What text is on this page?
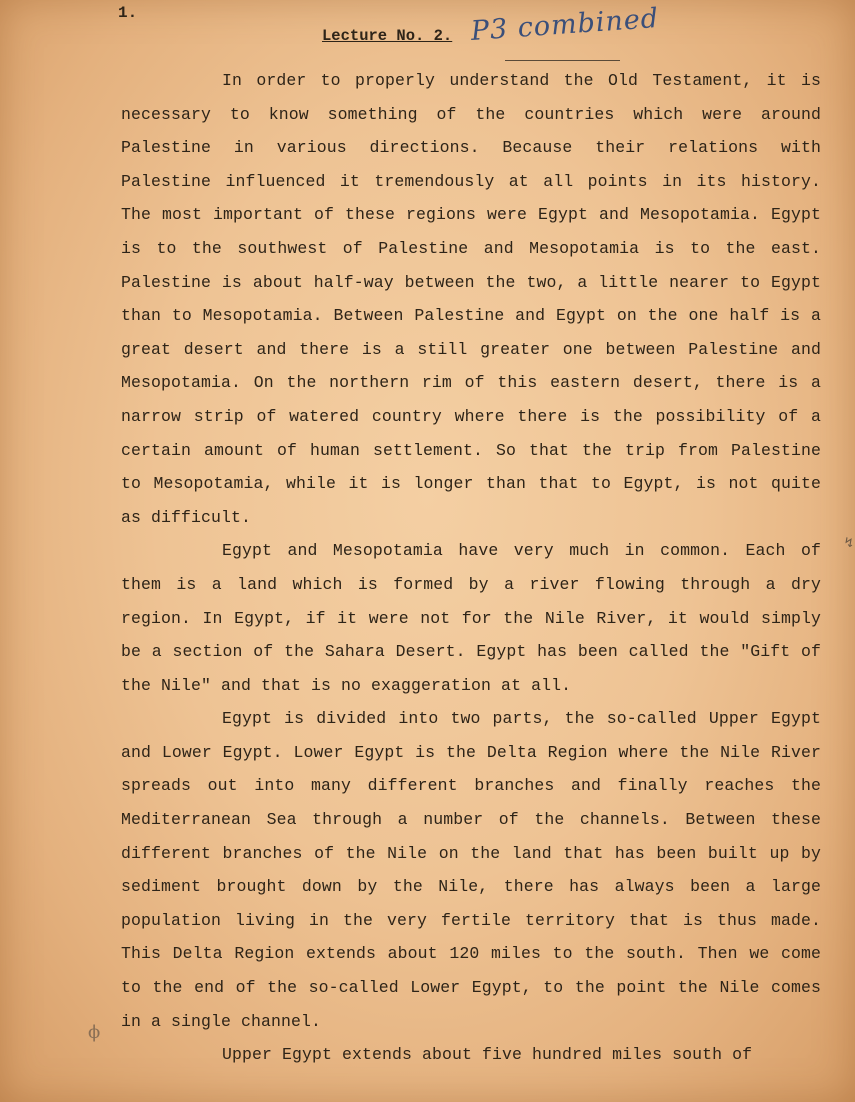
1.

Lecture No. 2. P3 combined

In order to properly understand the Old Testament, it is necessary to know something of the countries which were around Palestine in various directions. Because their relations with Palestine influenced it tremendously at all points in its history. The most important of these regions were Egypt and Mesopotamia. Egypt is to the southwest of Palestine and Mesopotamia is to the east. Palestine is about half-way between the two, a little nearer to Egypt than to Mesopotamia. Between Palestine and Egypt on the one half is a great desert and there is a still greater one between Palestine and Mesopotamia. On the northern rim of this eastern desert, there is a narrow strip of watered country where there is the possibility of a certain amount of human settlement. So that the trip from Palestine to Mesopotamia, while it is longer than that to Egypt, is not quite as difficult.

Egypt and Mesopotamia have very much in common. Each of them is a land which is formed by a river flowing through a dry region. In Egypt, if it were not for the Nile River, it would simply be a section of the Sahara Desert. Egypt has been called the "Gift of the Nile" and that is no exaggeration at all.

Egypt is divided into two parts, the so-called Upper Egypt and Lower Egypt. Lower Egypt is the Delta Region where the Nile River spreads out into many different branches and finally reaches the Mediterranean Sea through a number of the channels. Between these different branches of the Nile on the land that has been built up by sediment brought down by the Nile, there has always been a large population living in the very fertile territory that is thus made. This Delta Region extends about 120 miles to the south. Then we come to the end of the so-called Lower Egypt, to the point the Nile comes in a single channel.

Upper Egypt extends about five hundred miles south of

↯
ϕ
